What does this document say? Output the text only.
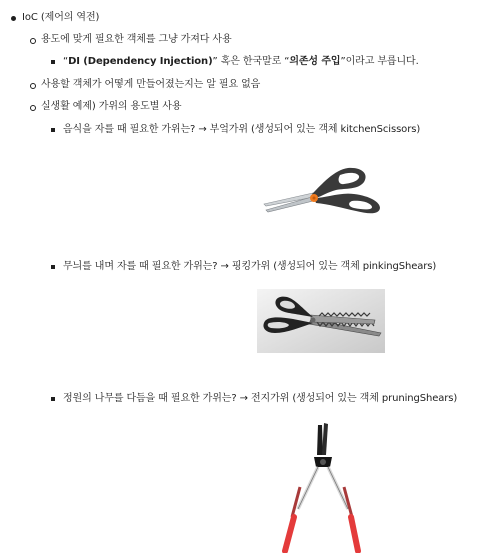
IoC (제어의 역전)
용도에 맞게 필요한 객체를 그냥 가져다 사용
“DI (Dependency Injection)” 혹은 한국말로 “의존성 주입”이라고 부릅니다.
사용할 객체가 어떻게 만들어졌는지는 알 필요 없음
실생활 예제) 가위의 용도별 사용
음식을 자를 때 필요한 가위는? → 부엌가위 (생성되어 있는 객체 kitchenScissors)
무늬를 내며 자를 때 필요한 가위는? → 핑킹가위 (생성되어 있는 객체 pinkingShears)
정원의 나무를 다듬을 때 필요한 가위는? → 전지가위 (생성되어 있는 객체 pruningShears)
